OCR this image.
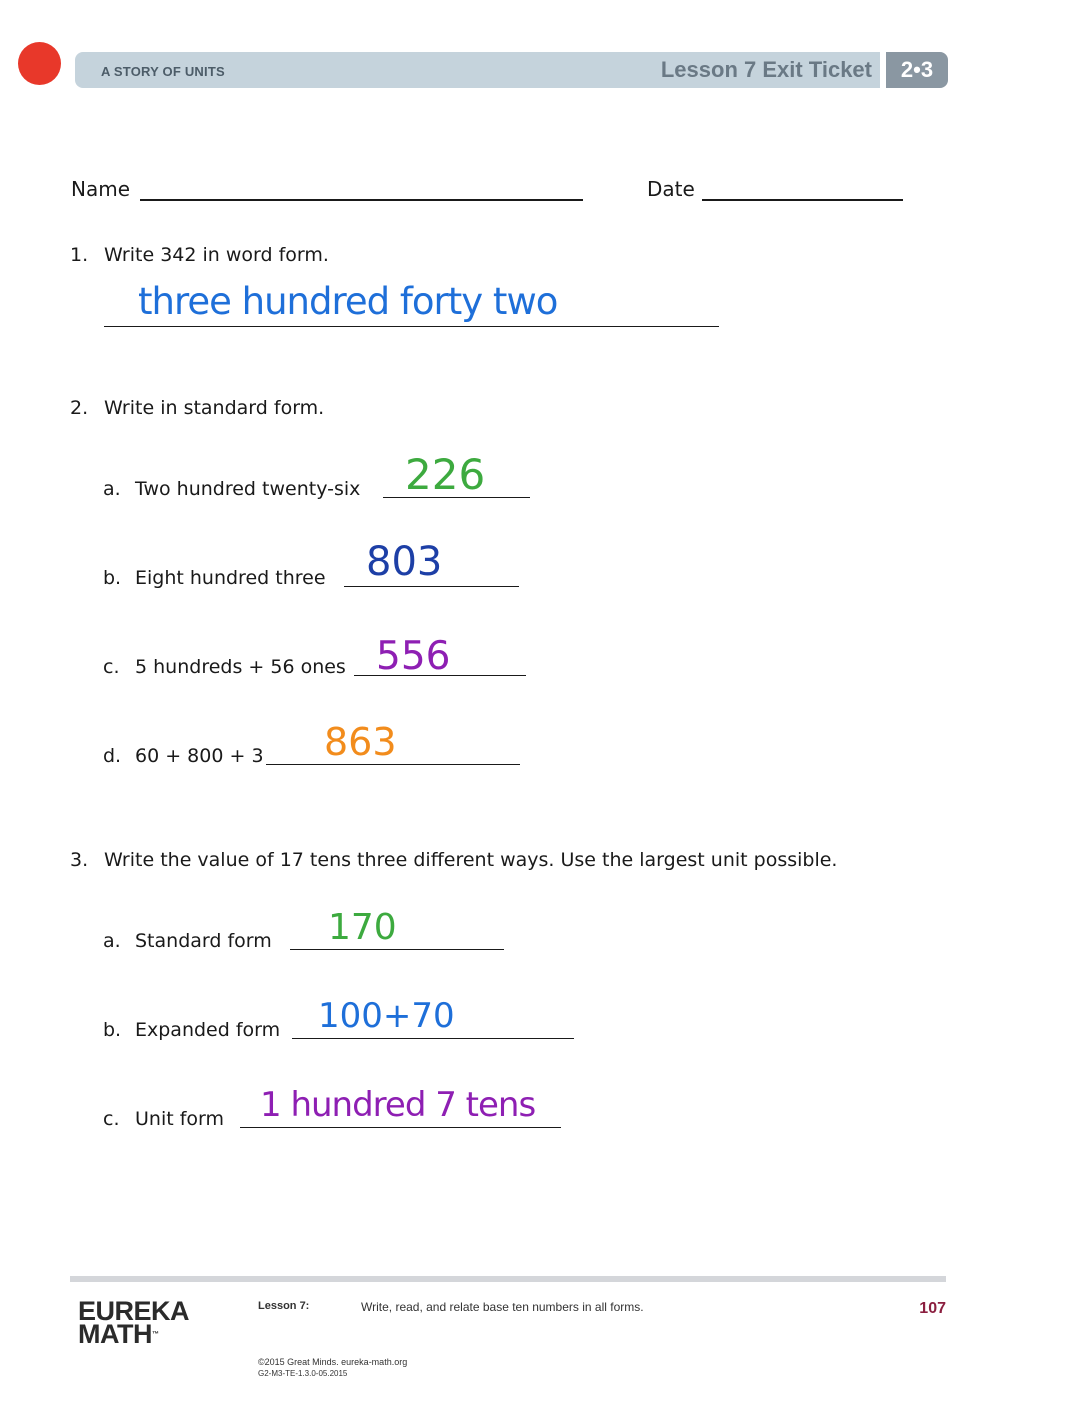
A STORY OF UNITS	Lesson 7 Exit Ticket	2•3
Name	Date
1. Write 342 in word form.
three hundred forty two
2. Write in standard form.
a. Two hundred twenty-six 226
b. Eight hundred three 803
c. 5 hundreds + 56 ones 556
d. 60 + 800 + 3 863
3. Write the value of 17 tens three different ways. Use the largest unit possible.
a. Standard form 170
b. Expanded form 100+70
c. Unit form 1 hundred 7 tens
EUREKA
MATH™
Lesson 7:	Write, read, and relate base ten numbers in all forms.	107
©2015 Great Minds. eureka-math.org
G2-M3-TE-1.3.0-05.2015
